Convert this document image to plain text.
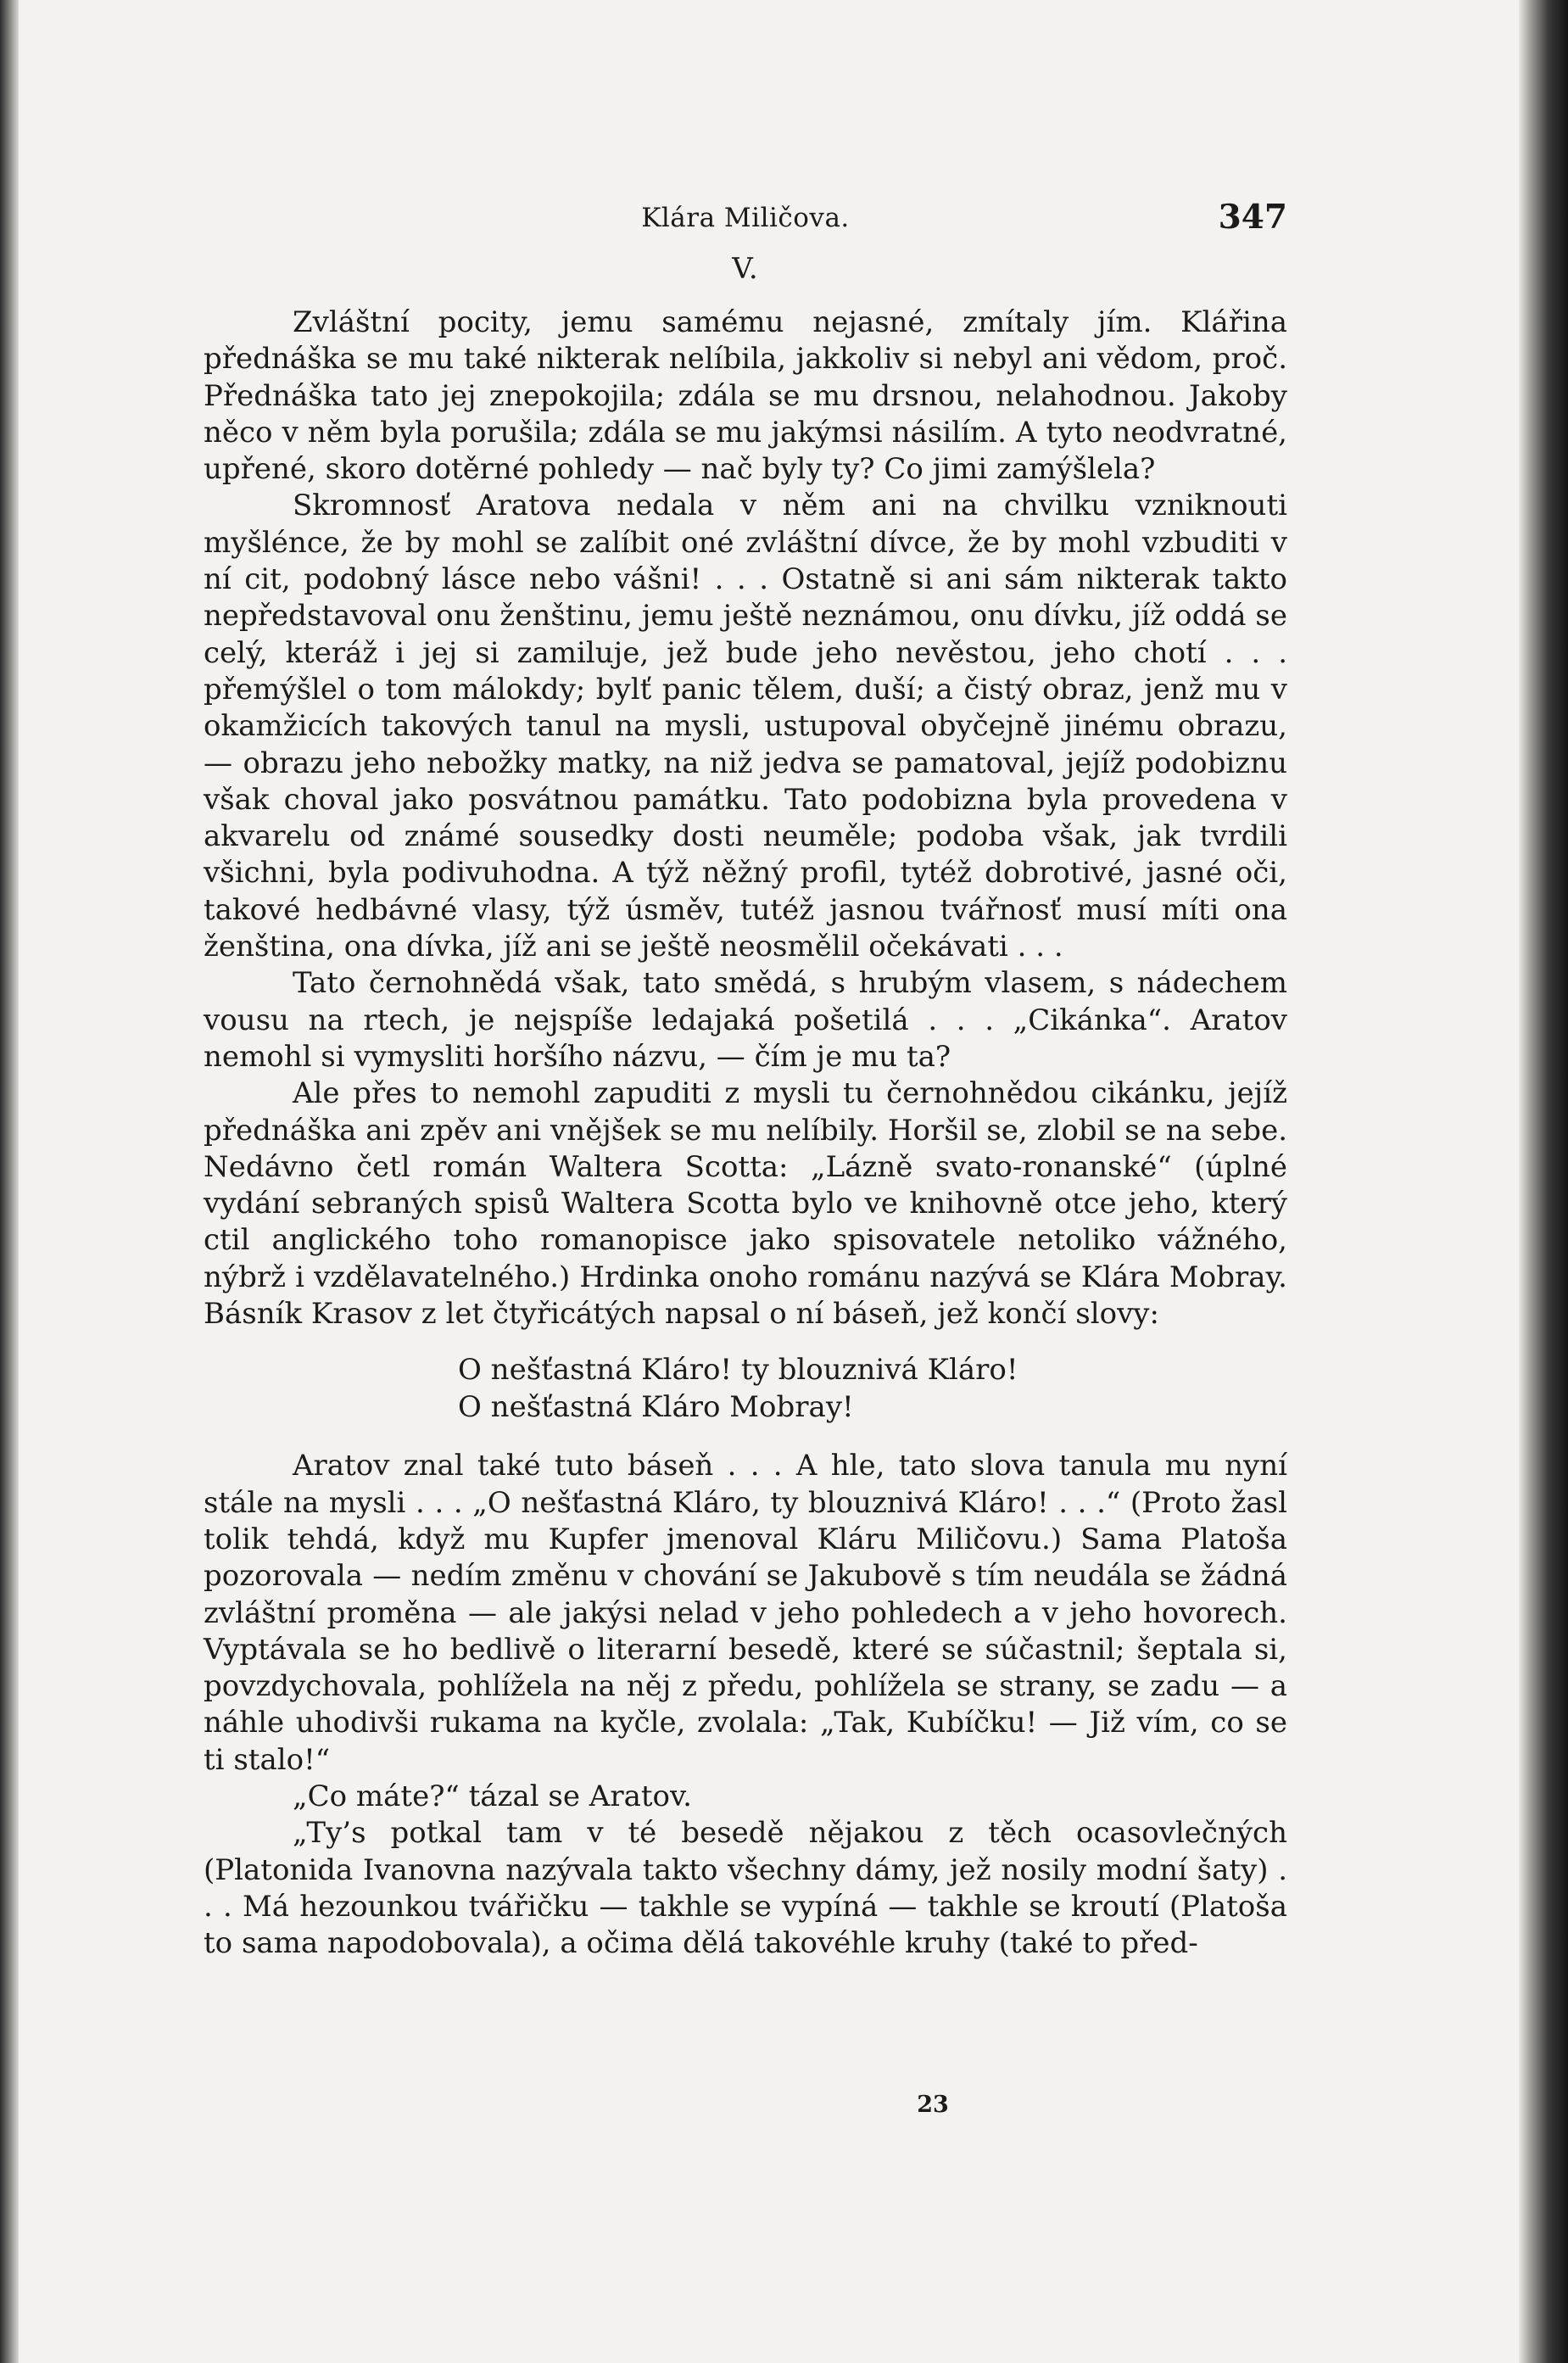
Klára Miličova.	347
V.

Zvláštní pocity, jemu samému nejasné, zmítaly jím. Klářina přednáška se mu také nikterak nelíbila, jakkoliv si nebyl ani vědom, proč. Přednáška tato jej znepokojila; zdála se mu drsnou, nelahodnou. Jakoby něco v něm byla porušila; zdála se mu jakýmsi násilím. A tyto neodvratné, upřené, skoro dotěrné pohledy — nač byly ty? Co jimi zamýšlela?

Skromnosť Aratova nedala v něm ani na chvilku vzniknouti myšlénce, že by mohl se zalíbit oné zvláštní dívce, že by mohl vzbuditi v ní cit, podobný lásce nebo vášni! . . . Ostatně si ani sám nikterak takto nepředstavoval onu ženštinu, jemu ještě neznámou, onu dívku, jíž oddá se celý, kteráž i jej si zamiluje, jež bude jeho nevěstou, jeho chotí . . . přemýšlel o tom málokdy; bylť panic tělem, duší; a čistý obraz, jenž mu v okamžicích takových tanul na mysli, ustupoval obyčejně jinému obrazu, — obrazu jeho nebožky matky, na niž jedva se pamatoval, jejíž podobiznu však choval jako posvátnou památku. Tato podobizna byla provedena v akvarelu od známé sousedky dosti neuměle; podoba však, jak tvrdili všichni, byla podivuhodna. A týž něžný profil, tytéž dobrotivé, jasné oči, takové hedbávné vlasy, týž úsměv, tutéž jasnou tvářnosť musí míti ona ženština, ona dívka, jíž ani se ještě neosmělil očekávati . . .

Tato černohnědá však, tato smědá, s hrubým vlasem, s nádechem vousu na rtech, je nejspíše ledajaká pošetilá . . . „Cikánka“. Aratov nemohl si vymysliti horšího názvu, — čím je mu ta?

Ale přes to nemohl zapuditi z mysli tu černohnědou cikánku, jejíž přednáška ani zpěv ani vnějšek se mu nelíbily. Horšil se, zlobil se na sebe. Nedávno četl román Waltera Scotta: „Lázně svato-ronanské“ (úplné vydání sebraných spisů Waltera Scotta bylo ve knihovně otce jeho, který ctil anglického toho romanopisce jako spisovatele netoliko vážného, nýbrž i vzdělavatelného.) Hrdinka onoho románu nazývá se Klára Mobray. Básník Krasov z let čtyřicátých napsal o ní báseň, jež končí slovy:

O nešťastná Kláro! ty blouznivá Kláro!
O nešťastná Kláro Mobray!

Aratov znal také tuto báseň . . . A hle, tato slova tanula mu nyní stále na mysli . . . „O nešťastná Kláro, ty blouznivá Kláro! . . .“ (Proto žasl tolik tehdá, když mu Kupfer jmenoval Kláru Miličovu.) Sama Platoša pozorovala — nedím změnu v chování se Jakubově s tím neudála se žádná zvláštní proměna — ale jakýsi nelad v jeho pohledech a v jeho hovorech. Vyptávala se ho bedlivě o literarní besedě, které se súčastnil; šeptala si, povzdychovala, pohlížela na něj z předu, pohlížela se strany, se zadu — a náhle uhodivši rukama na kyčle, zvolala: „Tak, Kubíčku! — Již vím, co se ti stalo!“

„Co máte?“ tázal se Aratov.

„Ty’s potkal tam v té besedě nějakou z těch ocasovlečných (Platonida Ivanovna nazývala takto všechny dámy, jež nosily modní šaty) . . . Má hezounkou tvářičku — takhle se vypíná — takhle se kroutí (Platoša to sama napodobovala), a očima dělá takovéhle kruhy (také to před-

23
